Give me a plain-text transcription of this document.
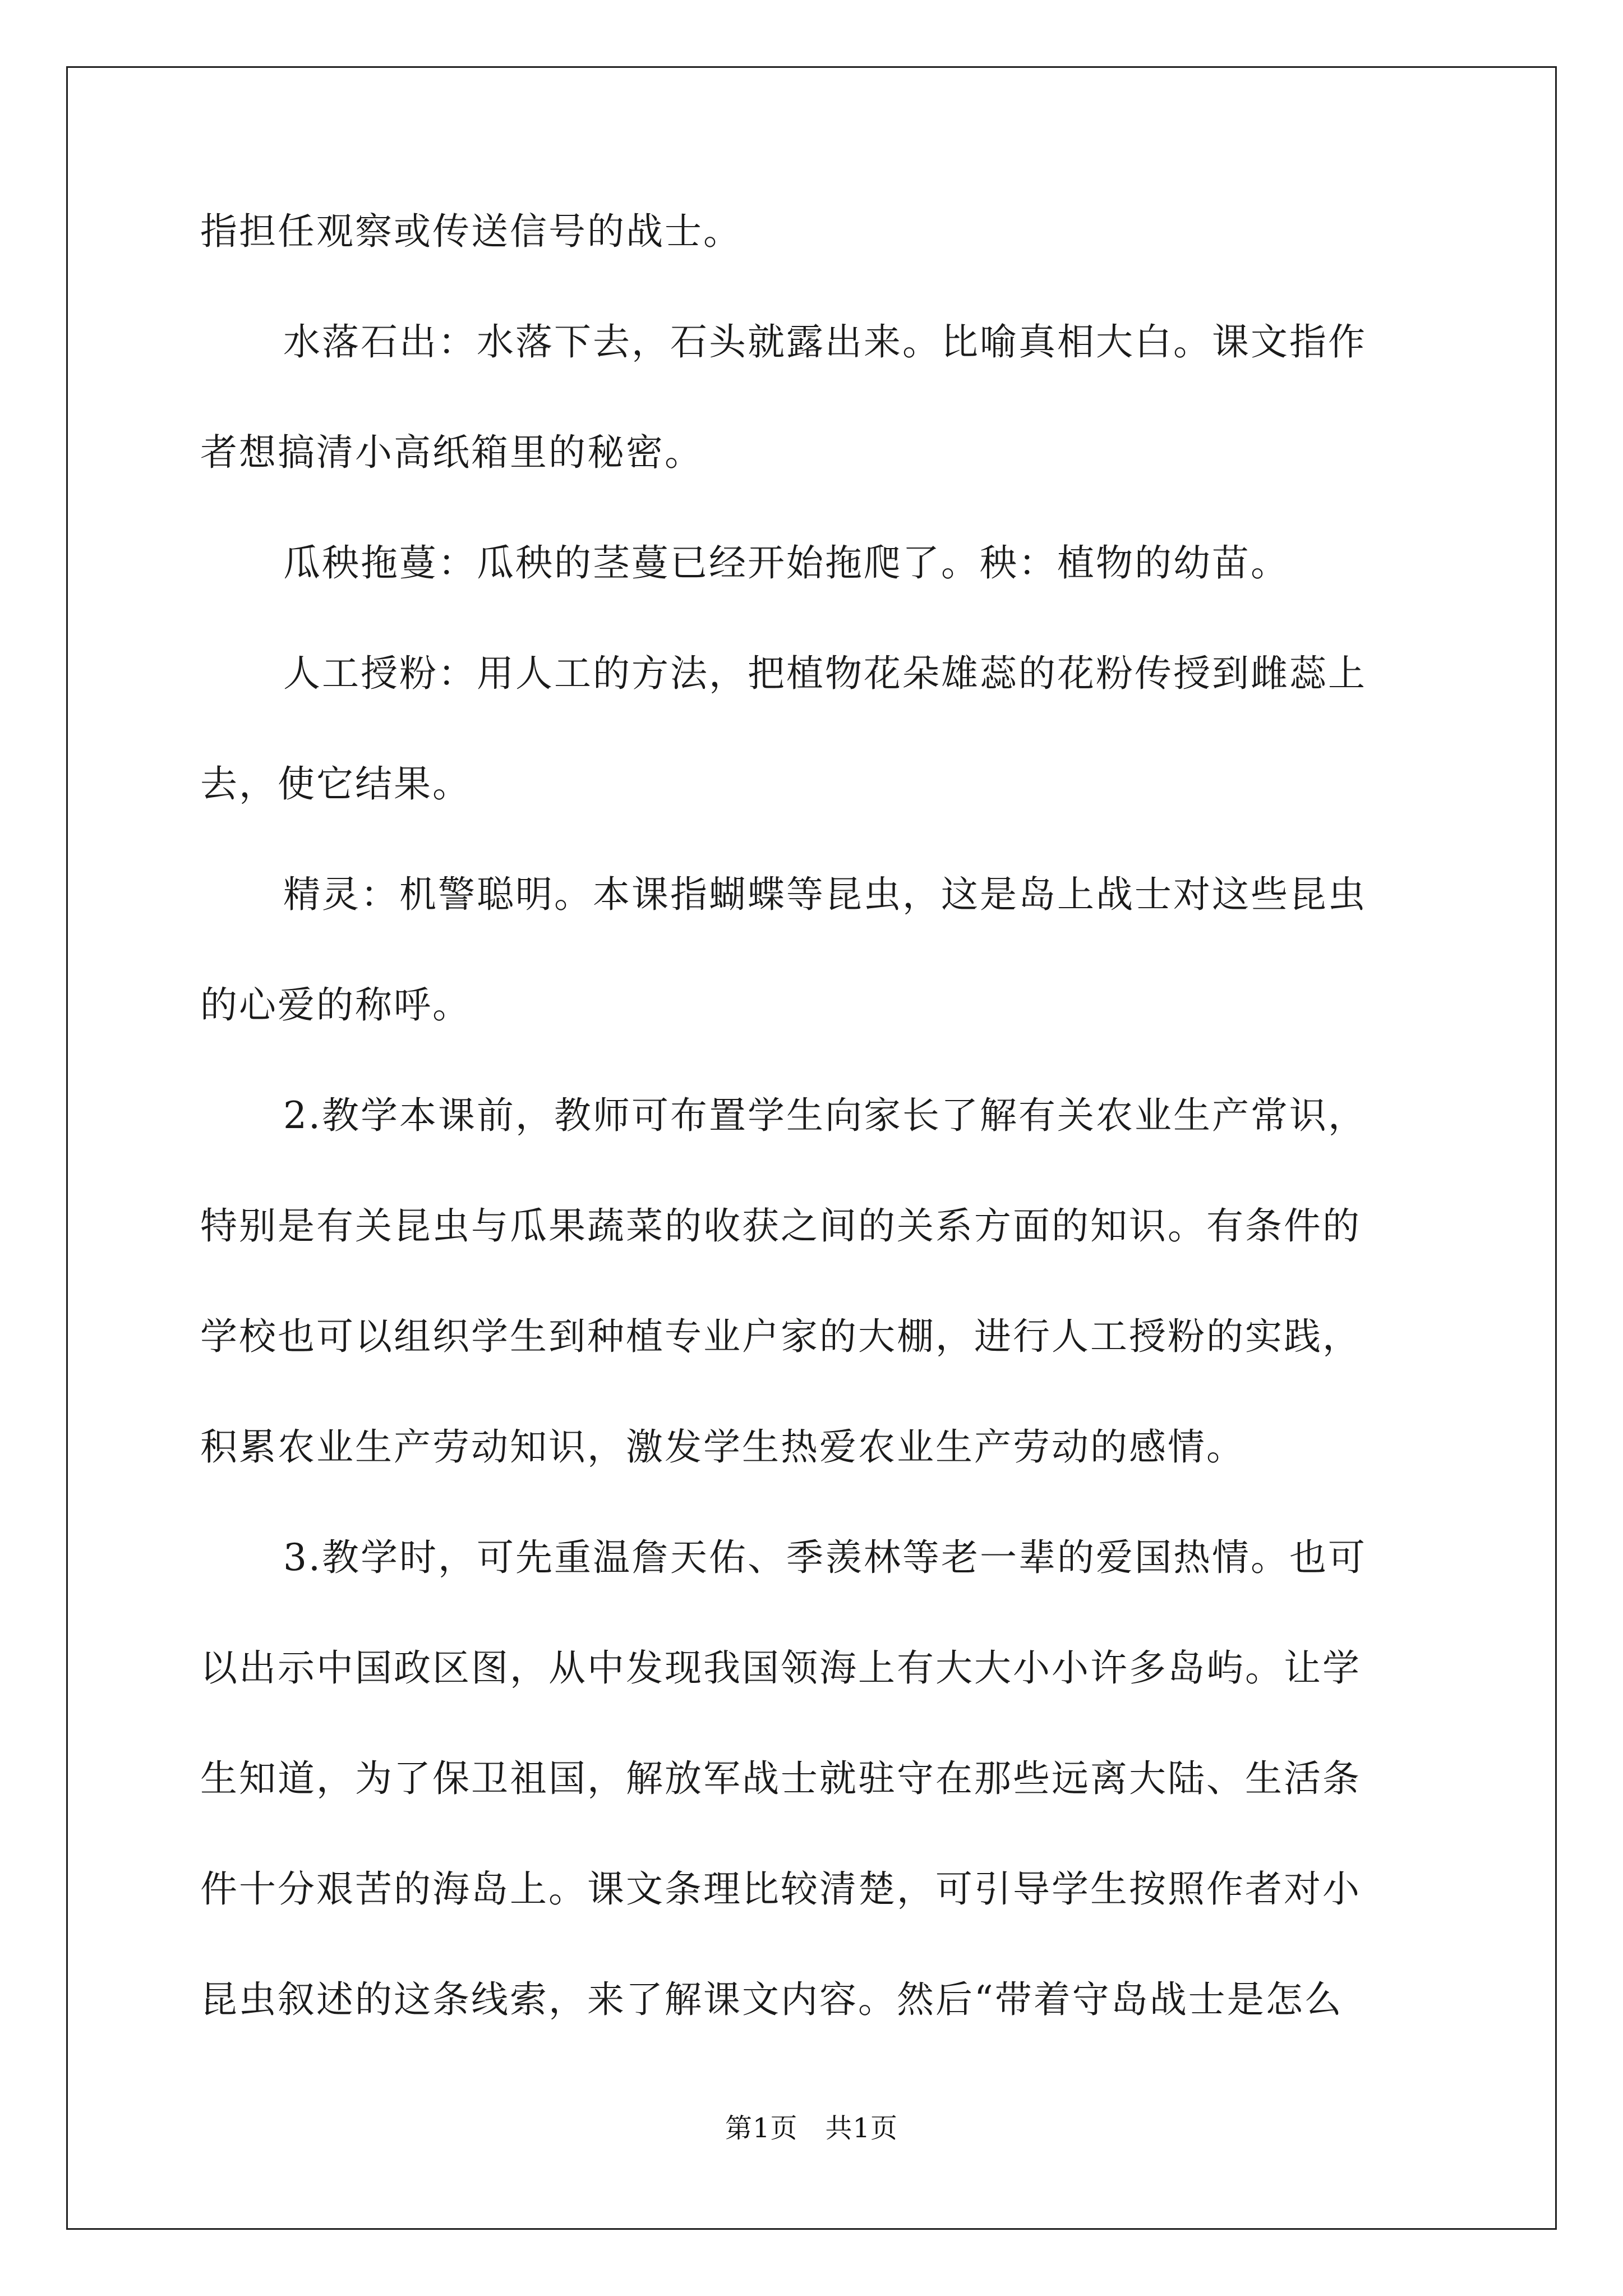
指担任观察或传送信号的战士。
水落石出：水落下去，石头就露出来。比喻真相大白。课文指作
者想搞清小高纸箱里的秘密。
瓜秧拖蔓：瓜秧的茎蔓已经开始拖爬了。秧：植物的幼苗。
人工授粉：用人工的方法，把植物花朵雄蕊的花粉传授到雌蕊上
去，使它结果。
精灵：机警聪明。本课指蝴蝶等昆虫，这是岛上战士对这些昆虫
的心爱的称呼。
2.教学本课前，教师可布置学生向家长了解有关农业生产常识，
特别是有关昆虫与瓜果蔬菜的收获之间的关系方面的知识。有条件的
学校也可以组织学生到种植专业户家的大棚，进行人工授粉的实践，
积累农业生产劳动知识，激发学生热爱农业生产劳动的感情。
3.教学时，可先重温詹天佑、季羡林等老一辈的爱国热情。也可
以出示中国政区图，从中发现我国领海上有大大小小许多岛屿。让学
生知道，为了保卫祖国，解放军战士就驻守在那些远离大陆、生活条
件十分艰苦的海岛上。课文条理比较清楚，可引导学生按照作者对小
昆虫叙述的这条线索，来了解课文内容。然后“带着守岛战士是怎么
第1页　共1页
